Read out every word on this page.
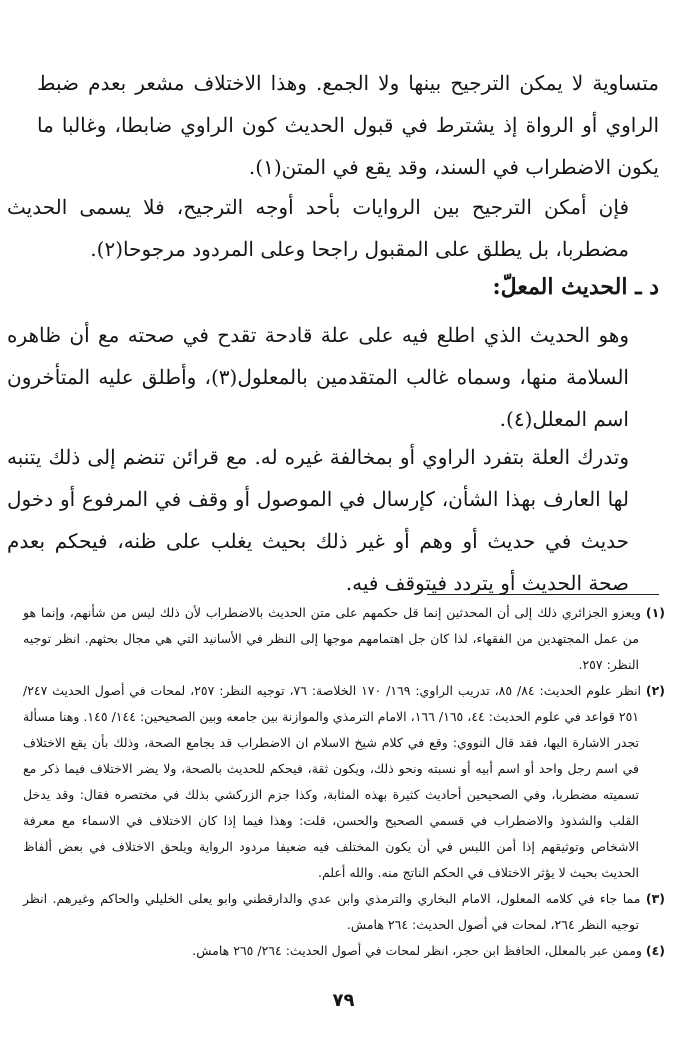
متساوية لا يمكن الترجيح بينها ولا الجمع. وهذا الاختلاف مشعر بعدم ضبط الراوي أو الرواة إذ يشترط في قبول الحديث كون الراوي ضابطا، وغالبا ما يكون الاضطراب في السند، وقد يقع في المتن(١).
فإن أمكن الترجيح بين الروايات بأحد أوجه الترجيح، فلا يسمى الحديث مضطربا، بل يطلق على المقبول راجحا وعلى المردود مرجوحا(٢).
د ـ الحديث المعلّ:
وهو الحديث الذي اطلع فيه على علة قادحة تقدح في صحته مع أن ظاهره السلامة منها، وسماه غالب المتقدمين بالمعلول(٣)، وأطلق عليه المتأخرون اسم المعلل(٤).
وتدرك العلة بتفرد الراوي أو بمخالفة غيره له. مع قرائن تنضم إلى ذلك يتنبه لها العارف بهذا الشأن، كإرسال في الموصول أو وقف في المرفوع أو دخول حديث في حديث أو وهم أو غير ذلك بحيث يغلب على ظنه، فيحكم بعدم صحة الحديث أو يتردد فيتوقف فيه.

(١) ويعزو الجزائري ذلك إلى أن المحدثين إنما قل حكمهم على متن الحديث بالاضطراب لأن ذلك ليس من شأنهم، وإنما هو من عمل المجتهدين من الفقهاء، لذا كان جل اهتمامهم موجها إلى النظر في الأسانيد التي هي مجال بحثهم. انظر توجيه النظر: ٢٥٧.

(٢) انظر علوم الحديث: ٨٤/ ٨٥، تدريب الراوي: ١٦٩/ ١٧٠ الخلاصة: ٧٦، توجيه النظر: ٢٥٧، لمحات في أصول الحديث ٢٤٧/ ٢٥١ قواعد في علوم الحديث: ٤٤، ١٦٥/ ١٦٦، الامام الترمذي والموازنة بين جامعه وبين الصحيحين: ١٤٤/ ١٤٥. وهنا مسألة تجدر الاشارة اليها، فقد قال النووي: وقع في كلام شيخ الاسلام ان الاضطراب قد يجامع الصحة، وذلك بأن يقع الاختلاف في اسم رجل واحد أو اسم أبيه أو نسبته ونحو ذلك، ويكون ثقة، فيحكم للحديث بالصحة، ولا يضر الاختلاف فيما ذكر مع تسميته مضطربا، وفي الصحيحين أحاديث كثيرة بهذه المثابة، وكذا جزم الزركشي بذلك في مختصره فقال: وقد يدخل القلب والشذوذ والاضطراب في قسمي الصحيح والحسن، قلت: وهذا فيما إذا كان الاختلاف في الاسماء مع معرفة الاشخاص وتوثيقهم إذا أمن اللبس في أن يكون المختلف فيه ضعيفا مردود الرواية ويلحق الاختلاف في بعض ألفاظ الحديث بحيث لا يؤثر الاختلاف في الحكم الناتج منه. والله أعلم.

(٣) مما جاء في كلامه المعلول، الامام البخاري والترمذي وابن عدي والدارقطني وابو يعلى الخليلي والحاكم وغيرهم. انظر توجيه النظر ٢٦٤، لمحات في أصول الحديث: ٢٦٤ هامش.

(٤) وممن عبر بالمعلل، الحافظ ابن حجر، انظر لمحات في أصول الحديث: ٢٦٤/ ٢٦٥ هامش.

٧٩
